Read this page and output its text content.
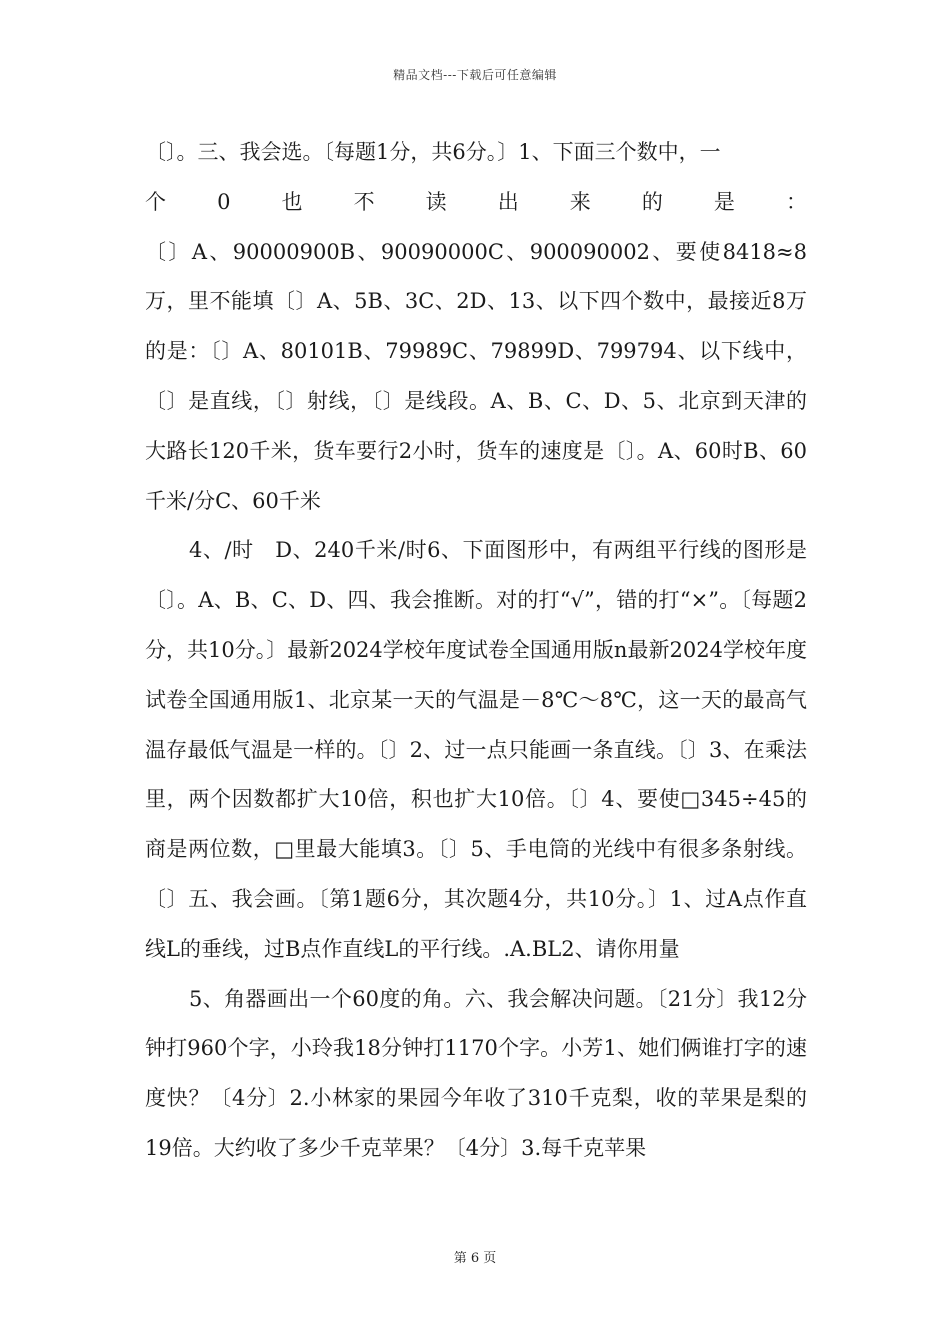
精品文档---下载后可任意编辑
〔〕。三、我会选。〔每题1分，共6分。〕1、下面三个数中，一
个 0 也 不 读 出 来 的 是 ：
〔〕A、90000900B、90090000C、900090002、要使8418≈8万，里不能填〔〕A、5B、3C、2D、13、以下四个数中，最接近8万的是：〔〕A、80101B、79989C、79899D、799794、以下线中，〔〕是直线，〔〕射线，〔〕是线段。A、B、C、D、5、北京到天津的大路长120千米，货车要行2小时，货车的速度是〔〕。A、60时B、60千米/分C、60千米

4、/时　D、240千米/时6、下面图形中，有两组平行线的图形是〔〕。A、B、C、D、四、我会推断。对的打“√”，错的打“×”。〔每题2分，共10分。〕最新2024学校年度试卷全国通用版n最新2024学校年度试卷全国通用版1、北京某一天的气温是－8℃～8℃，这一天的最高气温存最低气温是一样的。〔〕2、过一点只能画一条直线。〔〕3、在乘法里，两个因数都扩大10倍，积也扩大10倍。〔〕4、要使□345÷45的商是两位数，□里最大能填3。〔〕5、手电筒的光线中有很多条射线。〔〕五、我会画。〔第1题6分，其次题4分，共10分。〕1、过A点作直线L的垂线，过B点作直线L的平行线。.A.BL2、请你用量

5、角器画出一个60度的角。六、我会解决问题。〔21分〕我12分钟打960个字，小玲我18分钟打1170个字。小芳1、她们俩谁打字的速度快？〔4分〕2.小林家的果园今年收了310千克梨，收的苹果是梨的19倍。大约收了多少千克苹果？〔4分〕3.每千克苹果

第 6 页
